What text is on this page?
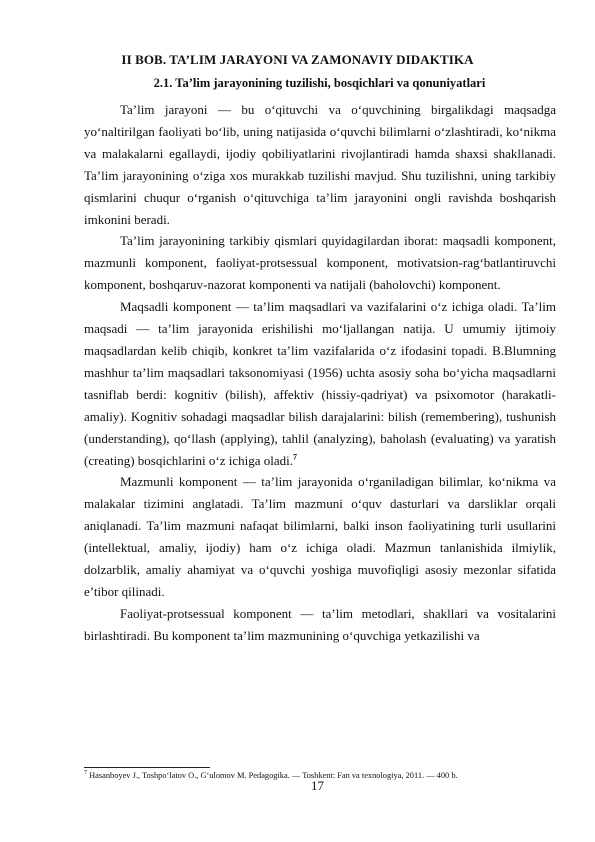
II BOB. TA’LIM JARAYONI VA ZAMONAVIY DIDAKTIKA
2.1. Ta’lim jarayonining tuzilishi, bosqichlari va qonuniyatlari

Ta’lim jarayoni — bu o‘qituvchi va o‘quvchining birgalikdagi maqsadga yo‘naltirilgan faoliyati bo‘lib, uning natijasida o‘quvchi bilimlarni o‘zlashtiradi, ko‘nikma va malakalarni egallaydi, ijodiy qobiliyatlarini rivojlantiradi hamda shaxsi shakllanadi. Ta’lim jarayonining o‘ziga xos murakkab tuzilishi mavjud. Shu tuzilishni, uning tarkibiy qismlarini chuqur o‘rganish o‘qituvchiga ta’lim jarayonini ongli ravishda boshqarish imkonini beradi.

Ta’lim jarayonining tarkibiy qismlari quyidagilardan iborat: maqsadli komponent, mazmunli komponent, faoliyat-protsessual komponent, motivatsion-rag‘batlantiruvchi komponent, boshqaruv-nazorat komponenti va natijali (baholovchi) komponent.

Maqsadli komponent — ta’lim maqsadlari va vazifalarini o‘z ichiga oladi. Ta’lim maqsadi — ta’lim jarayonida erishilishi mo‘ljallangan natija. U umumiy ijtimoiy maqsadlardan kelib chiqib, konkret ta’lim vazifalarida o‘z ifodasini topadi. B.Blumning mashhur ta’lim maqsadlari taksonomiyasi (1956) uchta asosiy soha bo‘yicha maqsadlarni tasniflab berdi: kognitiv (bilish), affektiv (hissiy-qadriyat) va psixomotor (harakatli-amaliy). Kognitiv sohadagi maqsadlar bilish darajalarini: bilish (remembering), tushunish (understanding), qo‘llash (applying), tahlil (analyzing), baholash (evaluating) va yaratish (creating) bosqichlarini o‘z ichiga oladi.$^7$

Mazmunli komponent — ta’lim jarayonida o‘rganiladigan bilimlar, ko‘nikma va malakalar tizimini anglatadi. Ta’lim mazmuni o‘quv dasturlari va darsliklar orqali aniqlanadi. Ta’lim mazmuni nafaqat bilimlarni, balki inson faoliyatining turli usullarini (intellektual, amaliy, ijodiy) ham o‘z ichiga oladi. Mazmun tanlanishida ilmiylik, dolzarblik, amaliy ahamiyat va o‘quvchi yoshiga muvofiqligi asosiy mezonlar sifatida e’tibor qilinadi.

Faoliyat-protsessual komponent — ta’lim metodlari, shakllari va vositalarini birlashtiradi. Bu komponent ta’lim mazmunining o‘quvchiga yetkazilishi va

$^7$ Hasanboyev J., Toshpo‘latov O., G‘ulomov M. Pedagogika. — Toshkent: Fan va texnologiya, 2011. — 400 b.
17
